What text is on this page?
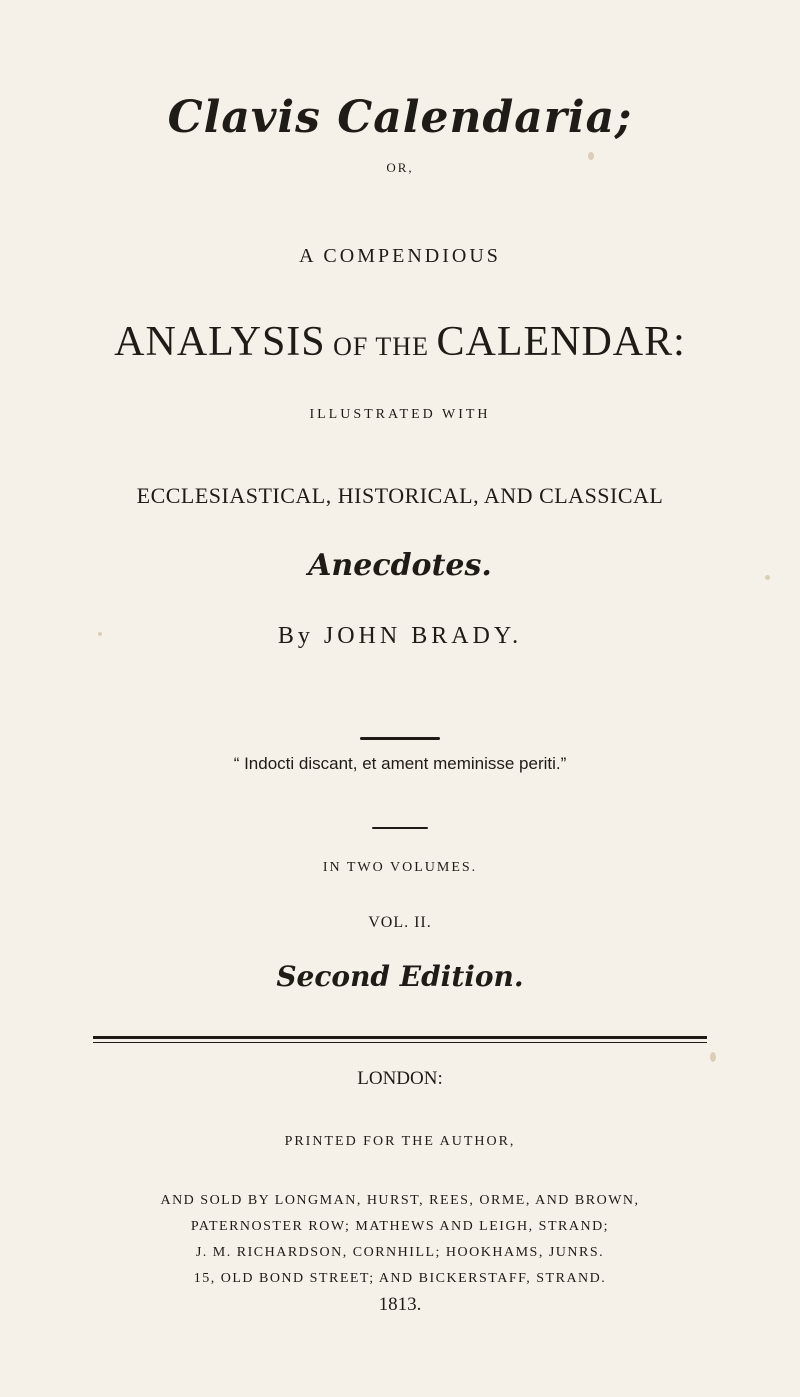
Clavis Calendaria;
OR,
A COMPENDIOUS
ANALYSIS OF THE CALENDAR:
ILLUSTRATED WITH
ECCLESIASTICAL, HISTORICAL, AND CLASSICAL
Anecdotes.
By JOHN BRADY.
“ Indocti discant, et ament meminisse periti.”
IN TWO VOLUMES.
VOL. II.
Second Edition.
LONDON:
PRINTED FOR THE AUTHOR,
AND SOLD BY LONGMAN, HURST, REES, ORME, AND BROWN,
PATERNOSTER ROW; MATHEWS AND LEIGH, STRAND;
J. M. RICHARDSON, CORNHILL; HOOKHAMS, JUNRS.
15, OLD BOND STREET; AND BICKERSTAFF, STRAND.
1813.
